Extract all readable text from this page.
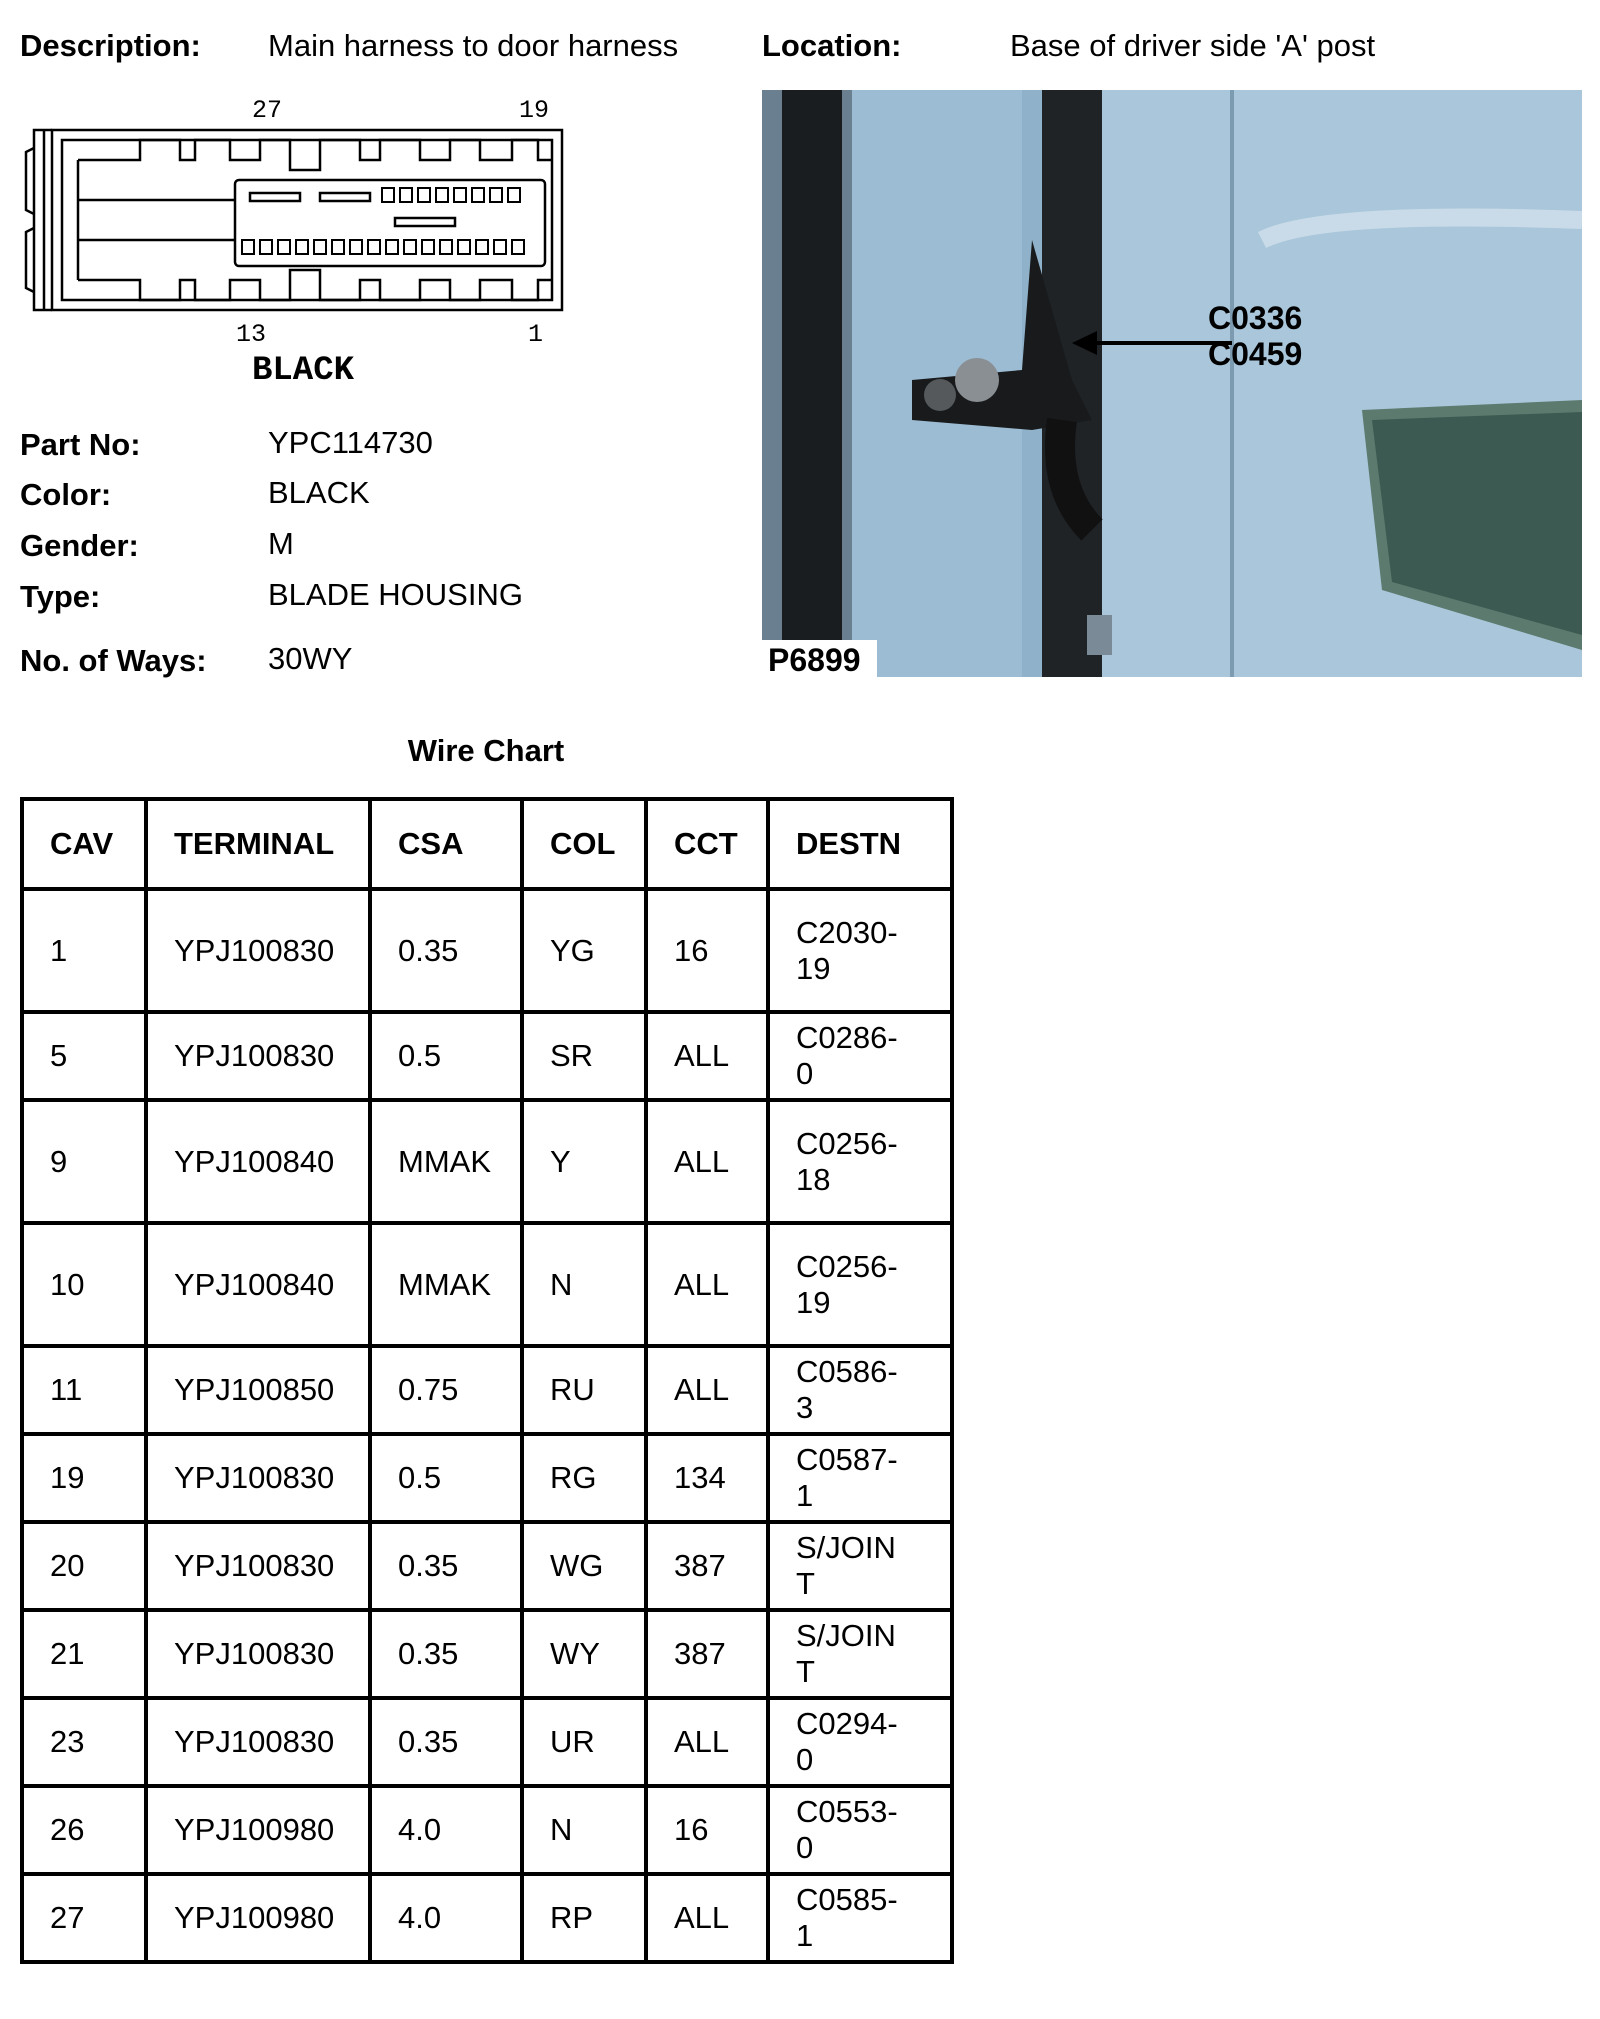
Description: Main harness to door harness	Location:	Base of driver side 'A' post
27	19
13	1
BLACK
Part No:	YPC114730
Color:	BLACK
Gender:	M
Type:	BLADE HOUSING
No. of Ways: 30WY
C0336
C0459
P6899
Wire Chart
CAV	TERMINAL	CSA	COL	CCT	DESTN
1	YPJ100830	0.35	YG	16	C2030-19
5	YPJ100830	0.5	SR	ALL	C0286-0
9	YPJ100840	MMAK	Y	ALL	C0256-18
10	YPJ100840	MMAK	N	ALL	C0256-19
11	YPJ100850	0.75	RU	ALL	C0586-3
19	YPJ100830	0.5	RG	134	C0587-1
20	YPJ100830	0.35	WG	387	S/JOINT
21	YPJ100830	0.35	WY	387	S/JOINT
23	YPJ100830	0.35	UR	ALL	C0294-0
26	YPJ100980	4.0	N	16	C0553-0
27	YPJ100980	4.0	RP	ALL	C0585-1
